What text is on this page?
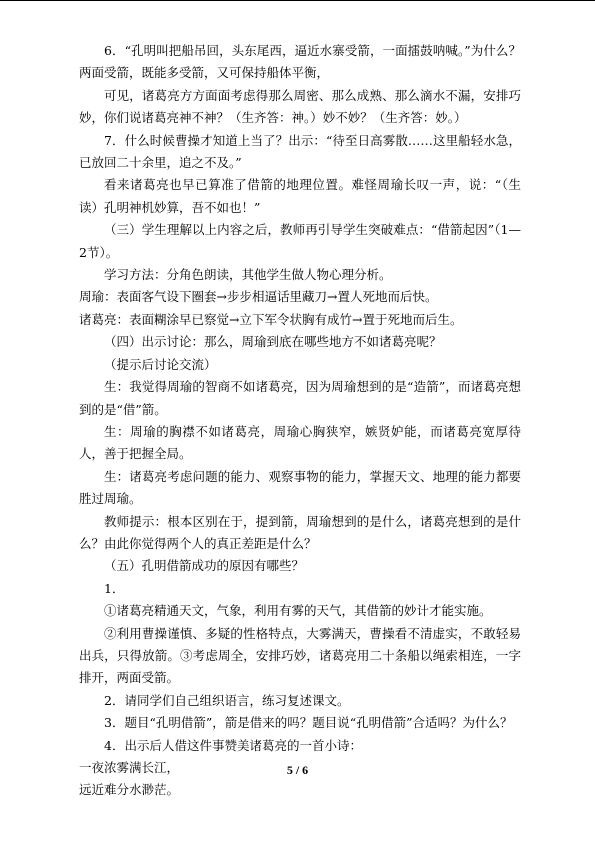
6．“孔明叫把船吊回，头东尾西，逼近水寨受箭，一面擂鼓呐喊。”为什么？两面受箭，既能多受箭，又可保持船体平衡，

可见，诸葛亮方方面面考虑得那么周密、那么成熟、那么滴水不漏，安排巧妙，你们说诸葛亮神不神？（生齐答：神。）妙不妙？（生齐答：妙。）

7．什么时候曹操才知道上当了？出示：“待至日高雾散……这里船轻水急，已放回二十余里，追之不及。”

看来诸葛亮也早已算准了借箭的地理位置。难怪周瑜长叹一声，说：“（生读）孔明神机妙算，吾不如也！”

（三）学生理解以上内容之后，教师再引导学生突破难点：“借箭起因”（1—2节）。

学习方法：分角色朗读，其他学生做人物心理分析。

周瑜：表面客气设下圈套→步步相逼话里藏刀→置人死地而后快。

诸葛亮：表面糊涂早已察觉→立下军令状胸有成竹→置于死地而后生。

（四）出示讨论：那么，周瑜到底在哪些地方不如诸葛亮呢？

（提示后讨论交流）

生：我觉得周瑜的智商不如诸葛亮，因为周瑜想到的是“造箭”，而诸葛亮想到的是“借”箭。

生：周瑜的胸襟不如诸葛亮，周瑜心胸狭窄，嫉贤妒能，而诸葛亮宽厚待人，善于把握全局。

生：诸葛亮考虑问题的能力、观察事物的能力，掌握天文、地理的能力都要胜过周瑜。

教师提示：根本区别在于，提到箭，周瑜想到的是什么，诸葛亮想到的是什么？由此你觉得两个人的真正差距是什么？

（五）孔明借箭成功的原因有哪些？

1．

①诸葛亮精通天文，气象，利用有雾的天气，其借箭的妙计才能实施。

②利用曹操谨慎、多疑的性格特点，大雾满天，曹操看不清虚实，不敢轻易出兵，只得放箭。③考虑周全，安排巧妙，诸葛亮用二十条船以绳索相连，一字排开，两面受箭。

2．请同学们自己组织语言，练习复述课文。

3．题目“孔明借箭”，箭是借来的吗？题目说“孔明借箭”合适吗？为什么？

4．出示后人借这件事赞美诸葛亮的一首小诗：

一夜浓雾满长江，

远近难分水渺茫。

5 / 6
